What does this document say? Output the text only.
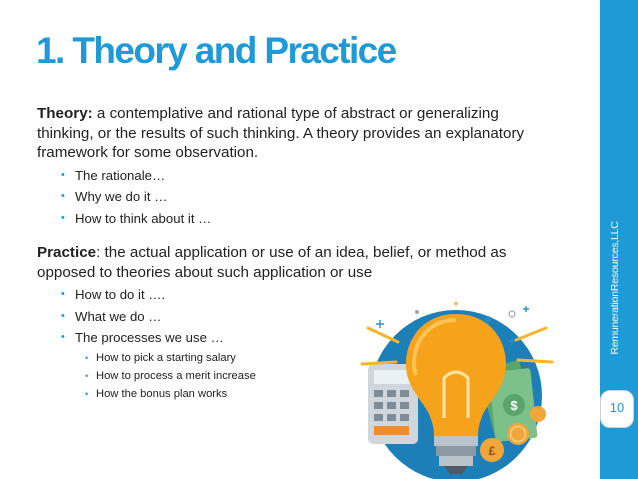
1. Theory and Practice
Theory: a contemplative and rational type of abstract or generalizing thinking, or the results of such thinking. A theory provides an explanatory framework for some observation.
• The rationale…
• Why we do it …
• How to think about it …
Practice: the actual application or use of an idea, belief, or method as opposed to theories about such application or use
• How to do it ….
• What we do …
• The processes we use …
• How to pick a starting salary
• How to process a merit increase
• How the bonus plan works
$
£
RemunerationResources,LLC
10
